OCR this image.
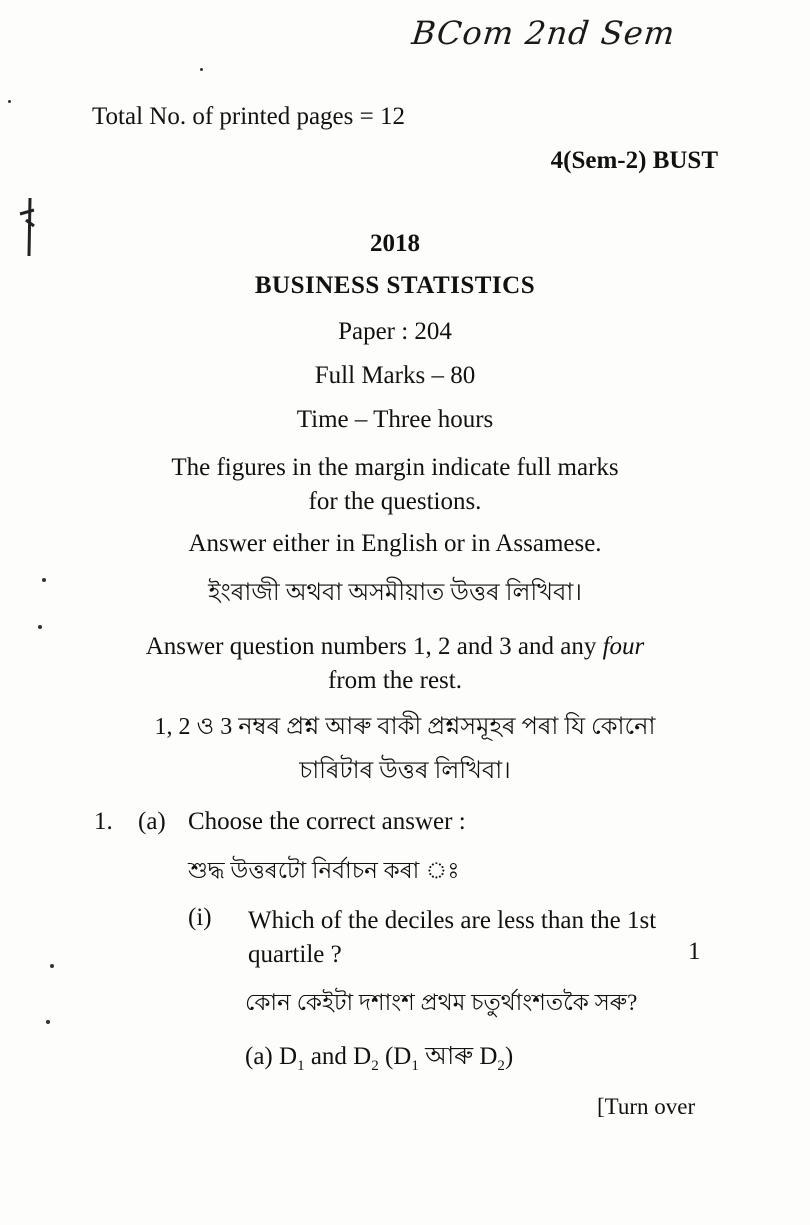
BCom 2nd Sem
Total No. of printed pages = 12
4(Sem-2) BUST
2018
BUSINESS STATISTICS
Paper : 204
Full Marks – 80
Time – Three hours
The figures in the margin indicate full marks
for the questions.
Answer either in English or in Assamese.
ইংৰাজী অথবা অসমীয়াত উত্তৰ লিখিবা।
Answer question numbers 1, 2 and 3 and any four
from the rest.
1, 2 ও 3 নম্বৰ প্ৰশ্ন আৰু বাকী প্ৰশ্নসমূহৰ পৰা যি কোনো
চাৰিটাৰ উত্তৰ লিখিবা।
1. (a) Choose the correct answer :
শুদ্ধ উত্তৰটো নিৰ্বাচন কৰা ঃ
(i) Which of the deciles are less than the 1st quartile ?	1
কোন কেইটা দশাংশ প্ৰথম চতুৰ্থাংশতকৈ সৰু?
(a) $D_1$ and $D_2$ ($D_1$ আৰু $D_2$)
[Turn over
